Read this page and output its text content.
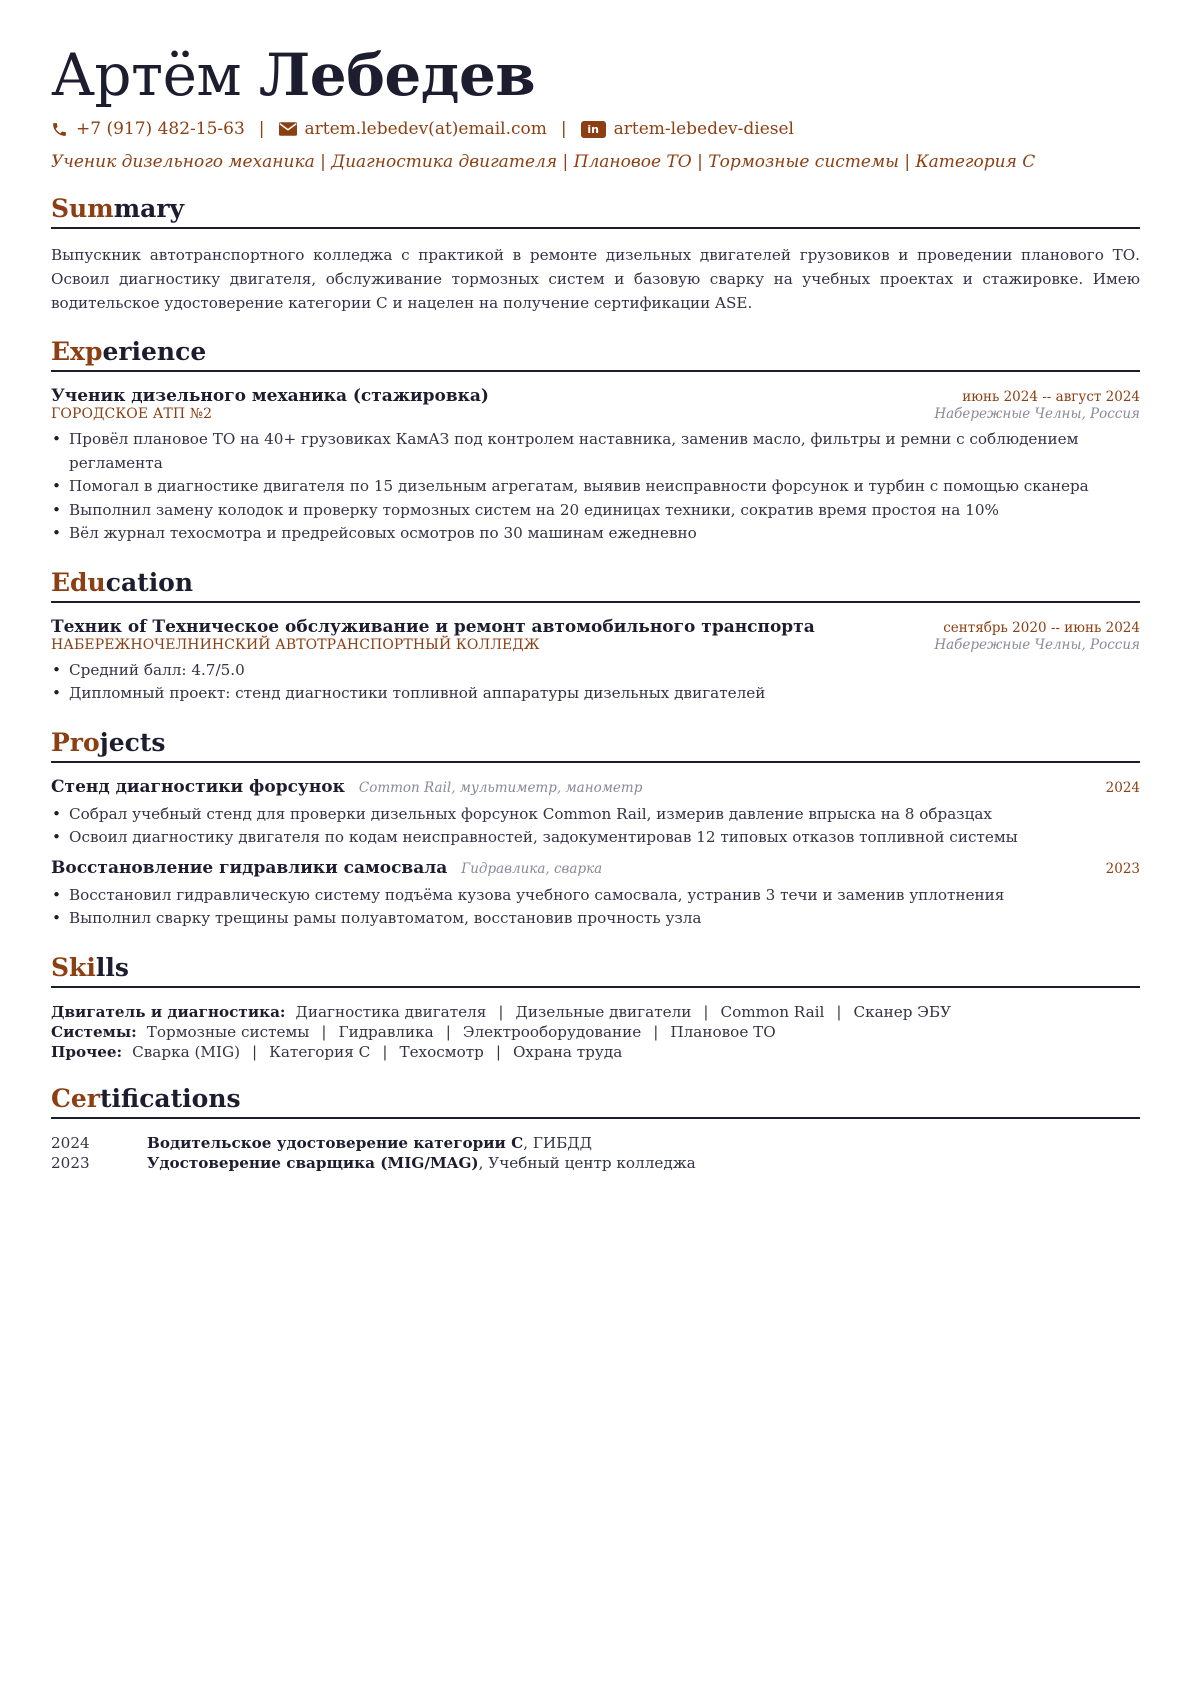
Артём Лебедев
+7 (917) 482-15-63 | artem.lebedev(at)email.com |	in artem-lebedev-diesel
Ученик дизельного механика | Диагностика двигателя | Плановое ТО | Тормозные системы | Категория C
Summary
Выпускник автотранспортного колледжа с практикой в ремонте дизельных двигателей грузовиков и проведении планового ТО. Освоил диагностику двигателя, обслуживание тормозных систем и базовую сварку на учебных проектах и стажировке. Имею водительское удостоверение категории C и нацелен на получение сертификации ASE.
Experience
Ученик дизельного механика (стажировка)	июнь 2024 -- август 2024
ГОРОДСКОЕ АТП №2	Набережные Челны, Россия
• Провёл плановое ТО на 40+ грузовиках КамАЗ под контролем наставника, заменив масло, фильтры и ремни с соблюдением регламента
• Помогал в диагностике двигателя по 15 дизельным агрегатам, выявив неисправности форсунок и турбин с помощью сканера
• Выполнил замену колодок и проверку тормозных систем на 20 единицах техники, сократив время простоя на 10%
• Вёл журнал техосмотра и предрейсовых осмотров по 30 машинам ежедневно
Education
Техник of Техническое обслуживание и ремонт автомобильного транспорта	сентябрь 2020 -- июнь 2024
НАБЕРЕЖНОЧЕЛНИНСКИЙ АВТОТРАНСПОРТНЫЙ КОЛЛЕДЖ	Набережные Челны, Россия
• Средний балл: 4.7/5.0
• Дипломный проект: стенд диагностики топливной аппаратуры дизельных двигателей
Projects
Стенд диагностики форсунок Common Rail, мультиметр, манометр	2024
• Собрал учебный стенд для проверки дизельных форсунок Common Rail, измерив давление впрыска на 8 образцах
• Освоил диагностику двигателя по кодам неисправностей, задокументировав 12 типовых отказов топливной системы
Восстановление гидравлики самосвала Гидравлика, сварка	2023
• Восстановил гидравлическую систему подъёма кузова учебного самосвала, устранив 3 течи и заменив уплотнения
• Выполнил сварку трещины рамы полуавтоматом, восстановив прочность узла
Skills
Двигатель и диагностика: Диагностика двигателя | Дизельные двигатели | Common Rail | Сканер ЭБУ
Системы: Тормозные системы | Гидравлика | Электрооборудование | Плановое ТО
Прочее: Сварка (MIG) | Категория C | Техосмотр | Охрана труда
Certifications
2024	Водительское удостоверение категории C, ГИБДД
2023	Удостоверение сварщика (MIG/MAG), Учебный центр колледжа
